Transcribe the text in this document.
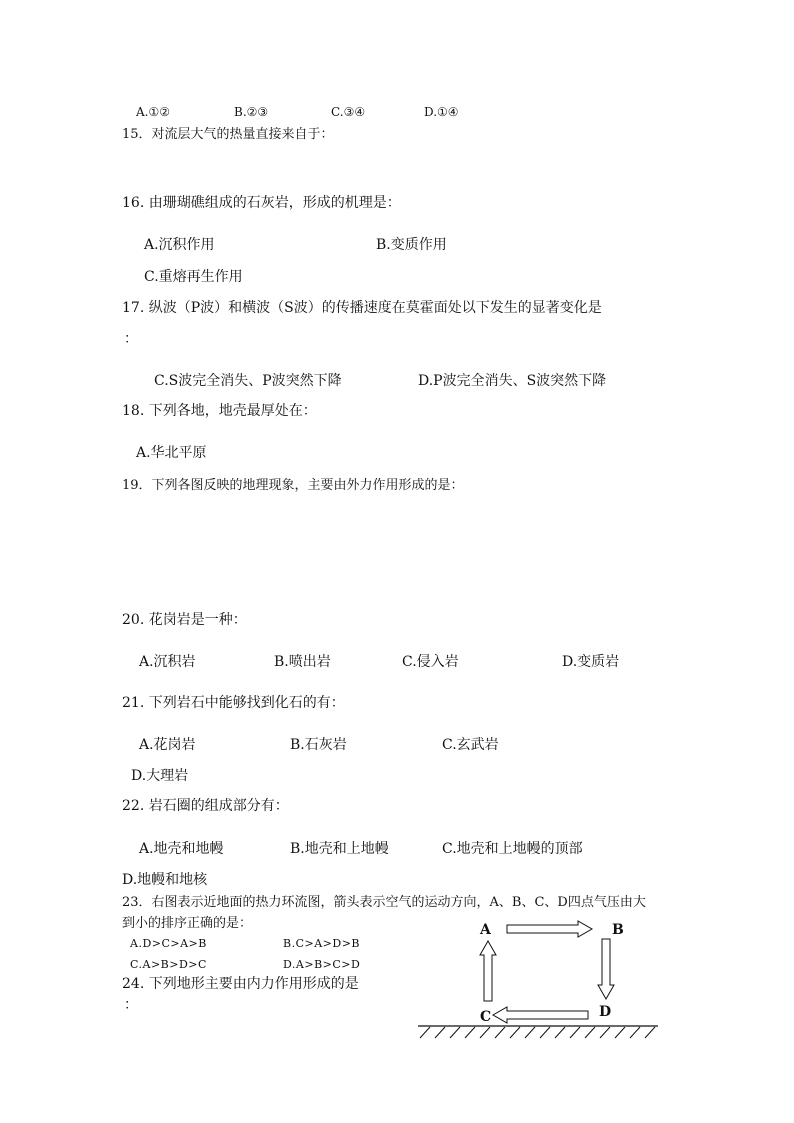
A.①②	B.②③	C.③④	D.①④
15．对流层大气的热量直接来自于：
16. 由珊瑚礁组成的石灰岩，形成的机理是：
A.沉积作用	B.变质作用
C.重熔再生作用
17. 纵波（P波）和横波（S波）的传播速度在莫霍面处以下发生的显著变化是
：
C.S波完全消失、P波突然下降	D.P波完全消失、S波突然下降
18. 下列各地，地壳最厚处在：
A.华北平原
19．下列各图反映的地理现象，主要由外力作用形成的是：
20. 花岗岩是一种：
A.沉积岩	B.喷出岩	C.侵入岩	D.变质岩
21. 下列岩石中能够找到化石的有：
A.花岗岩	B.石灰岩	C.玄武岩
D.大理岩
22. 岩石圈的组成部分有：
A.地壳和地幔	B.地壳和上地幔	C.地壳和上地幔的顶部
D.地幔和地核
23．右图表示近地面的热力环流图，箭头表示空气的运动方向，A、B、C、D四点气压由大
到小的排序正确的是：
A.D>C>A>B	B.C>A>D>B
C.A>B>D>C	D.A>B>C>D
24. 下列地形主要由内力作用形成的是
：
A	B
C	D
